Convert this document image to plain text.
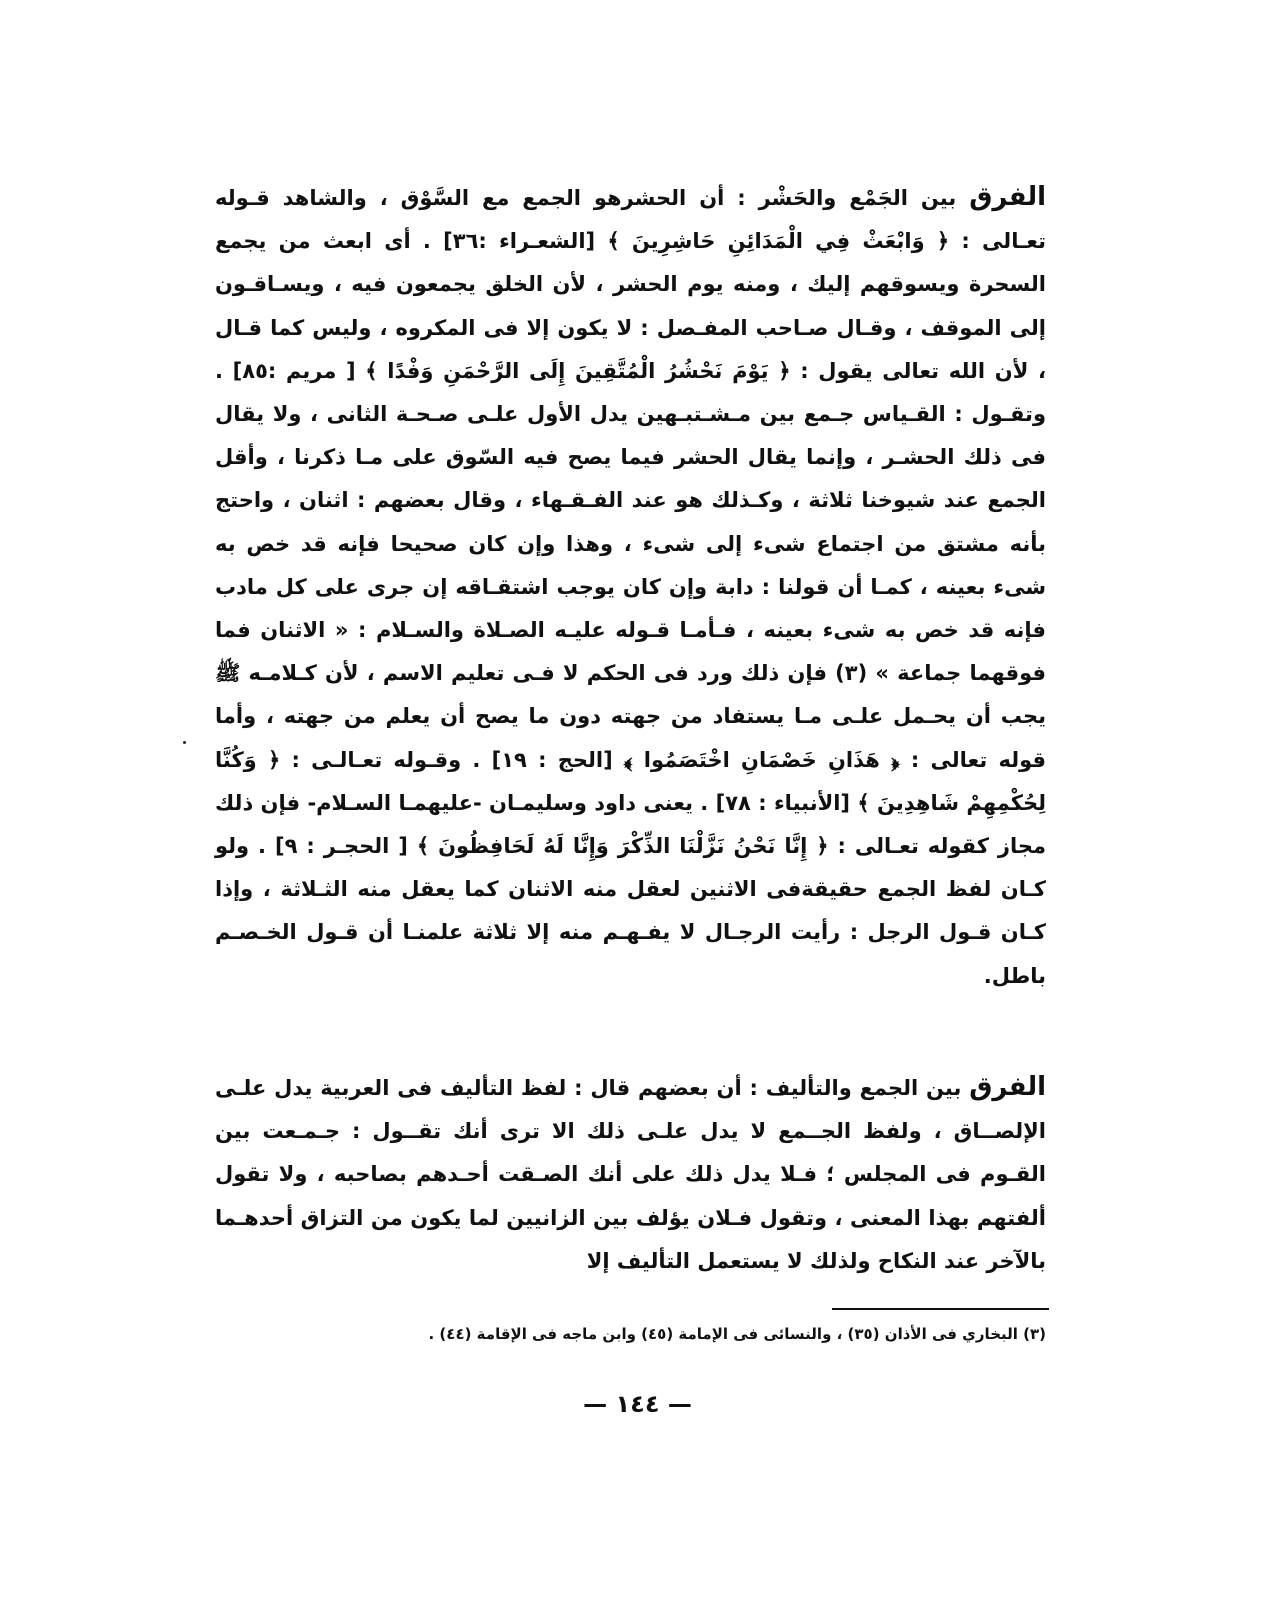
الفرق بين الجَمْع والحَشْر : أن الحشرهو الجمع مع السَّوْق ، والشاهد قـوله تعـالى : ﴿ وَابْعَثْ فِي الْمَدَائِنِ حَاشِرِينَ ﴾ [الشعـراء :٣٦] . أى ابعث من يجمع السحرة ويسوقهم إليك ، ومنه يوم الحشر ، لأن الخلق يجمعون فيه ، ويسـاقـون إلى الموقف ، وقـال صـاحب المفـصل : لا يكون إلا فى المكروه ، وليس كما قـال ، لأن الله تعالى يقول : ﴿ يَوْمَ نَحْشُرُ الْمُتَّقِينَ إِلَى الرَّحْمَنِ وَفْدًا ﴾ [ مريم :٨٥] . وتقـول : القـياس جـمع بين مـشـتبـهين يدل الأول علـى صـحـة الثانى ، ولا يقال فى ذلك الحشـر ، وإنما يقال الحشر فيما يصح فيه السّوق على مـا ذكرنا ، وأقل الجمع عند شيوخنا ثلاثة ، وكـذلك هو عند الفـقـهاء ، وقال بعضهم : اثنان ، واحتج بأنه مشتق من اجتماع شىء إلى شىء ، وهذا وإن كان صحيحا فإنه قد خص به شىء بعينه ، كمـا أن قولنا : دابة وإن كان يوجب اشتقـاقه إن جرى على كل مادب فإنه قد خص به شىء بعينه ، فـأمـا قـوله عليـه الصـلاة والسـلام : « الاثنان فما فوقهما جماعة » (٣) فإن ذلك ورد فى الحكم لا فـى تعليم الاسم ، لأن كـلامـه ﷺ يجب أن يحـمل علـى مـا يستفاد من جهته دون ما يصح أن يعلم من جهته ، وأما قوله تعالى : ﴿ هَذَانِ خَصْمَانِ اخْتَصَمُوا ﴾ [الحج : ١٩] . وقـوله تعـالـى : ﴿ وَكُنَّا لِحُكْمِهِمْ شَاهِدِينَ ﴾ [الأنبياء : ٧٨] . يعنى داود وسليمـان -عليهمـا السـلام- فإن ذلك مجاز كقوله تعـالى : ﴿ إِنَّا نَحْنُ نَزَّلْنَا الذِّكْرَ وَإِنَّا لَهُ لَحَافِظُونَ ﴾ [ الحجـر : ٩] . ولو كـان لفظ الجمع حقيقةفى الاثنين لعقل منه الاثنان كما يعقل منه الثـلاثة ، وإذا كـان قـول الرجل : رأيت الرجـال لا يفـهـم منه إلا ثلاثة علمنـا أن قـول الخـصـم باطل.

الفرق بين الجمع والتأليف : أن بعضهم قال : لفظ التأليف فى العربية يدل علـى الإلصــاق ، ولفظ الجــمع لا يدل علـى ذلك الا ترى أنك تقــول : جـمـعت بين القـوم فى المجلس ؛ فـلا يدل ذلك على أنك الصـقت أحـدهم بصاحبه ، ولا تقول ألفتهم بهذا المعنى ، وتقول فـلان يؤلف بين الزانيين لما يكون من التزاق أحدهـما بالآخر عند النكاح ولذلك لا يستعمل التأليف إلا

(٣) البخاري فى الأذان (٣٥) ، والنسائى فى الإمامة (٤٥) وابن ماجه فى الإقامة (٤٤) .
— ١٤٤ —
